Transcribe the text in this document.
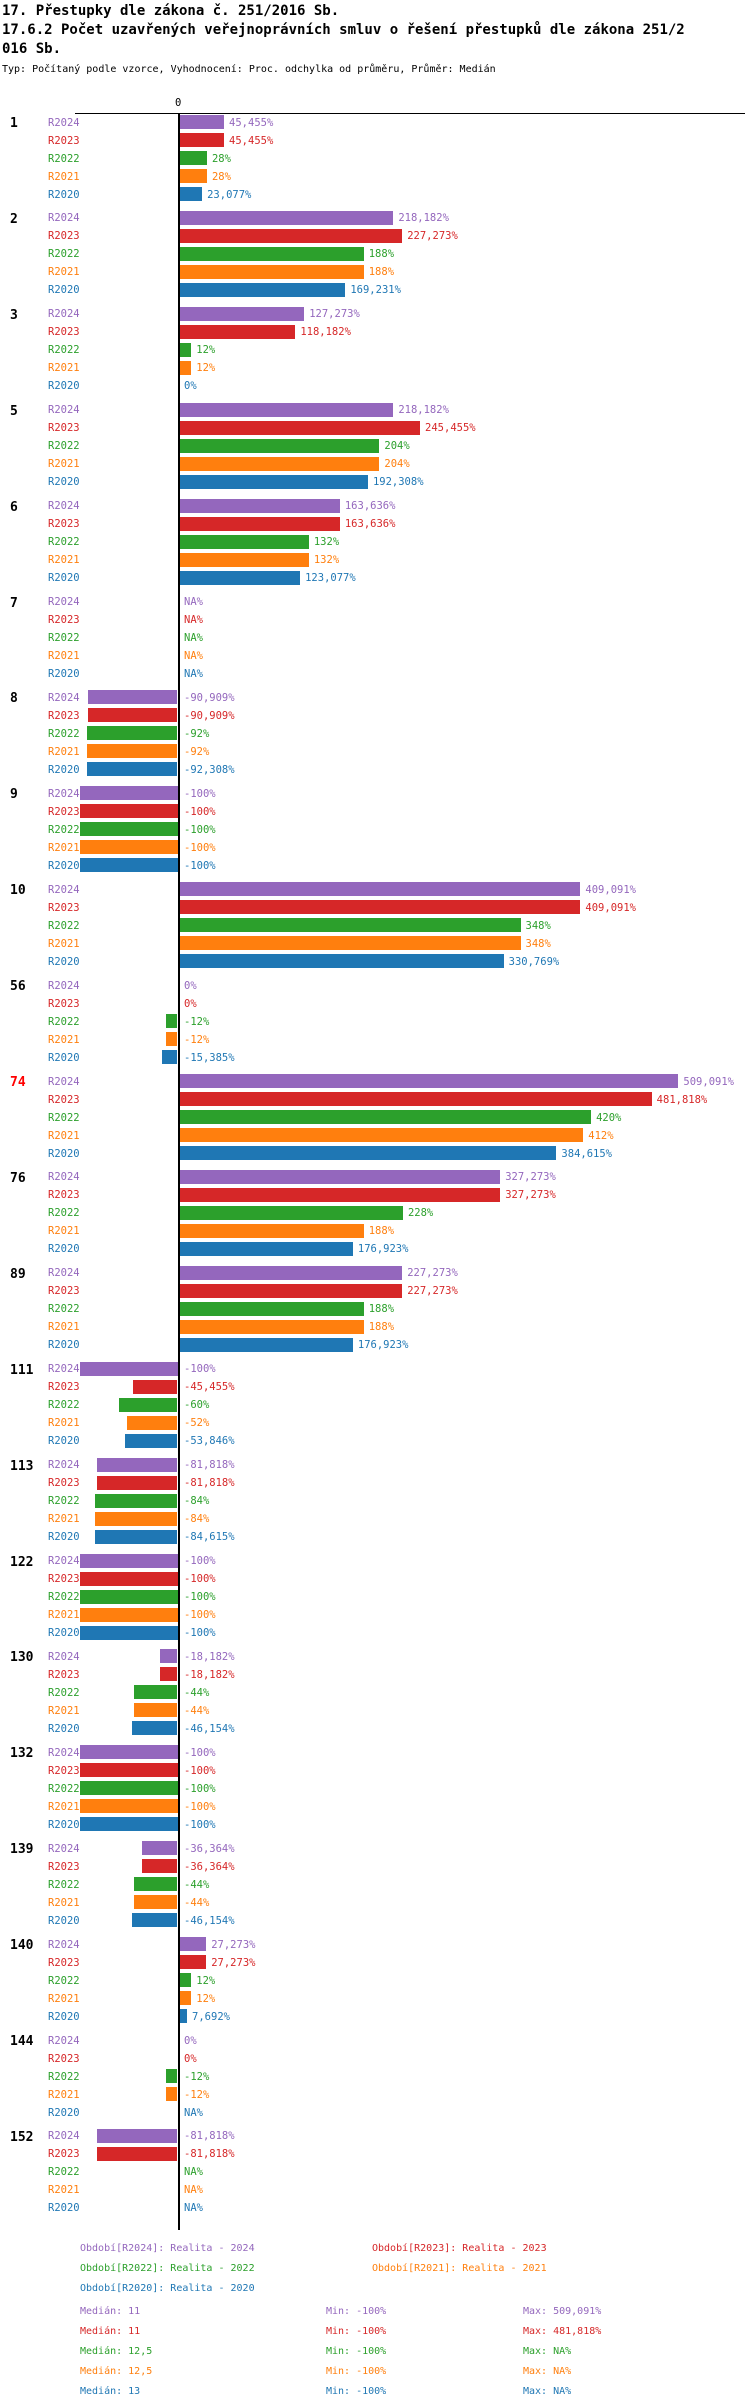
17. Přestupky dle zákona č. 251/2016 Sb.
17.6.2 Počet uzavřených veřejnoprávních smluv o řešení přestupků dle zákona 251/2
016 Sb.
Typ: Počítaný podle vzorce, Vyhodnocení: Proc. odchylka od průměru, Průměr: Medián
0
1	R2024	45,455%
R2023	45,455%
R2022	28%
R2021	28%
R2020	23,077%
2	R2024	218,182%
R2023	227,273%
R2022	188%
R2021	188%
R2020	169,231%
3	R2024	127,273%
R2023	118,182%
R2022	12%
R2021	12%
R2020	0%
5	R2024	218,182%
R2023	245,455%
R2022	204%
R2021	204%
R2020	192,308%
6	R2024	163,636%
R2023	163,636%
R2022	132%
R2021	132%
R2020	123,077%
7	R2024	NA%
R2023	NA%
R2022	NA%
R2021	NA%
R2020	NA%
8	R2024	-90,909%
R2023	-90,909%
R2022	-92%
R2021	-92%
R2020	-92,308%
9	R2024	-100%
R2023	-100%
R2022	-100%
R2021	-100%
R2020	-100%
10 R2024	409,091%
R2023	409,091%
R2022	348%
R2021	348%
R2020	330,769%
56 R2024	0%
R2023	0%
R2022	-12%
R2021	-12%
R2020	-15,385%
74 R2024	509,091%
R2023	481,818%
R2022	420%
R2021	412%
R2020	384,615%
76 R2024	327,273%
R2023	327,273%
R2022	228%
R2021	188%
R2020	176,923%
89 R2024	227,273%
R2023	227,273%
R2022	188%
R2021	188%
R2020	176,923%
111 R2024	-100%
R2023	-45,455%
R2022	-60%
R2021	-52%
R2020	-53,846%
113 R2024	-81,818%
R2023	-81,818%
R2022	-84%
R2021	-84%
R2020	-84,615%
122 R2024	-100%
R2023	-100%
R2022	-100%
R2021	-100%
R2020	-100%
130 R2024	-18,182%
R2023	-18,182%
R2022	-44%
R2021	-44%
R2020	-46,154%
132 R2024	-100%
R2023	-100%
R2022	-100%
R2021	-100%
R2020	-100%
139 R2024	-36,364%
R2023	-36,364%
R2022	-44%
R2021	-44%
R2020	-46,154%
140 R2024	27,273%
R2023	27,273%
R2022	12%
R2021	12%
R2020	7,692%
144 R2024	0%
R2023	0%
R2022	-12%
R2021	-12%
R2020	NA%
152 R2024	-81,818%
R2023	-81,818%
R2022	NA%
R2021	NA%
R2020	NA%
Období[R2024]: Realita - 2024	Období[R2023]: Realita - 2023
Období[R2022]: Realita - 2022	Období[R2021]: Realita - 2021
Období[R2020]: Realita - 2020
Medián: 11	Min: -100%	Max: 509,091%
Medián: 11	Min: -100%	Max: 481,818%
Medián: 12,5	Min: -100%	Max: NA%
Medián: 12,5	Min: -100%	Max: NA%
Medián: 13	Min: -100%	Max: NA%
